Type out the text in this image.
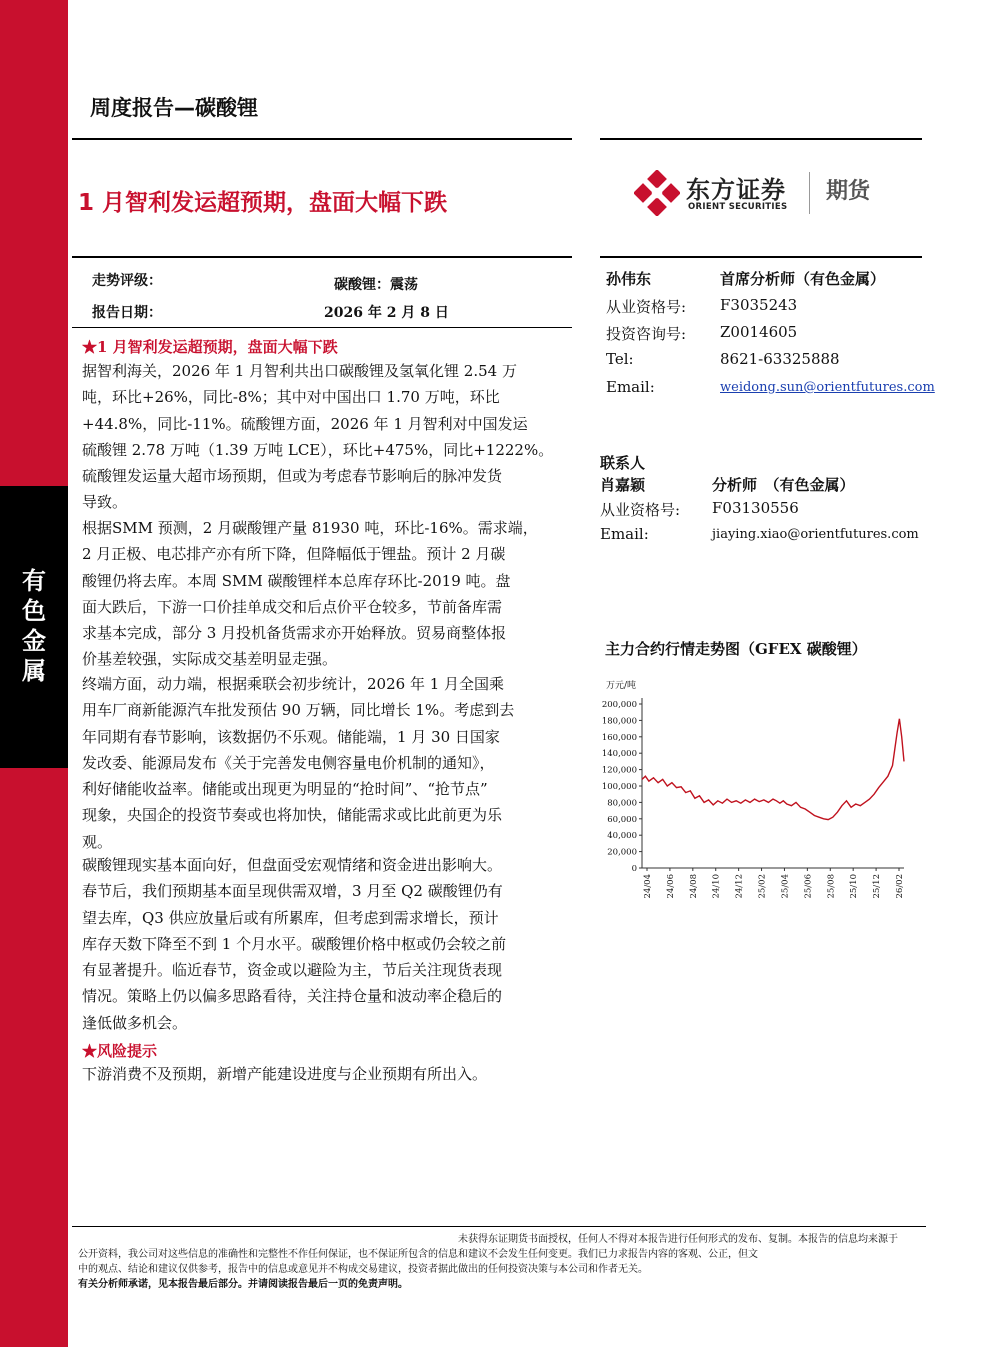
有
色
金
属
周度报告—碳酸锂
1 月智利发运超预期，盘面大幅下跌	东方证券
ORIENT SECURITIES
期货
走势评级：	碳酸锂：震荡
报告日期：	2026 年 2 月 8 日
★1 月智利发运超预期，盘面大幅下跌

据智利海关，2026 年 1 月智利共出口碳酸锂及氢氧化锂 2.54 万

吨，环比+26%，同比-8%；其中对中国出口 1.70 万吨，环比

+44.8%，同比-11%。硫酸锂方面，2026 年 1 月智利对中国发运

硫酸锂 2.78 万吨（1.39 万吨 LCE），环比+475%，同比+1222%。

硫酸锂发运量大超市场预期，但或为考虑春节影响后的脉冲发货

导致。

根据SMM 预测，2 月碳酸锂产量 81930 吨，环比-16%。需求端，

2 月正极、电芯排产亦有所下降，但降幅低于锂盐。预计 2 月碳

酸锂仍将去库。本周 SMM 碳酸锂样本总库存环比-2019 吨。盘

面大跌后，下游一口价挂单成交和后点价平仓较多，节前备库需

求基本完成，部分 3 月投机备货需求亦开始释放。贸易商整体报

价基差较强，实际成交基差明显走强。

终端方面，动力端，根据乘联会初步统计，2026 年 1 月全国乘

用车厂商新能源汽车批发预估 90 万辆，同比增长 1%。考虑到去

年同期有春节影响，该数据仍不乐观。储能端，1 月 30 日国家

发改委、能源局发布《关于完善发电侧容量电价机制的通知》，

利好储能收益率。储能或出现更为明显的“抢时间”、“抢节点”

现象，央国企的投资节奏或也将加快，储能需求或比此前更为乐

观。

碳酸锂现实基本面向好，但盘面受宏观情绪和资金进出影响大。

春节后，我们预期基本面呈现供需双增，3 月至 Q2 碳酸锂仍有

望去库，Q3 供应放量后或有所累库，但考虑到需求增长，预计

库存天数下降至不到 1 个月水平。碳酸锂价格中枢或仍会较之前

有显著提升。临近春节，资金或以避险为主，节后关注现货表现

情况。策略上仍以偏多思路看待，关注持仓量和波动率企稳后的

逢低做多机会。

★风险提示

下游消费不及预期，新增产能建设进度与企业预期有所出入。

孙伟东	首席分析师（有色金属）
从业资格号: F3035243
投资咨询号: Z0014605
Tel:	8621-63325888
Email:	weidong.sun@orientfutures.com
联系人
肖嘉颖	分析师　（有色金属）
从业资格号: F03130556
Email:	jiaying.xiao@orientfutures.com
主力合约行情走势图（GFEX 碳酸锂）
万元/吨
0
20,000
40,000
60,000
80,000
100,000
120,000
140,000
160,000
180,000
200,000
24/04 24/06 24/08 24/10 24/12 25/02 25/04 25/06 25/08 25/10 25/12 26/02

未获得东证期货书面授权，任何人不得对本报告进行任何形式的发布、复制。本报告的信息均来源于

公开资料，我公司对这些信息的准确性和完整性不作任何保证，也不保证所包含的信息和建议不会发生任何变更。我们已力求报告内容的客观、公正，但文

中的观点、结论和建议仅供参考，报告中的信息或意见并不构成交易建议，投资者据此做出的任何投资决策与本公司和作者无关。

有关分析师承诺，见本报告最后部分。并请阅读报告最后一页的免责声明。
